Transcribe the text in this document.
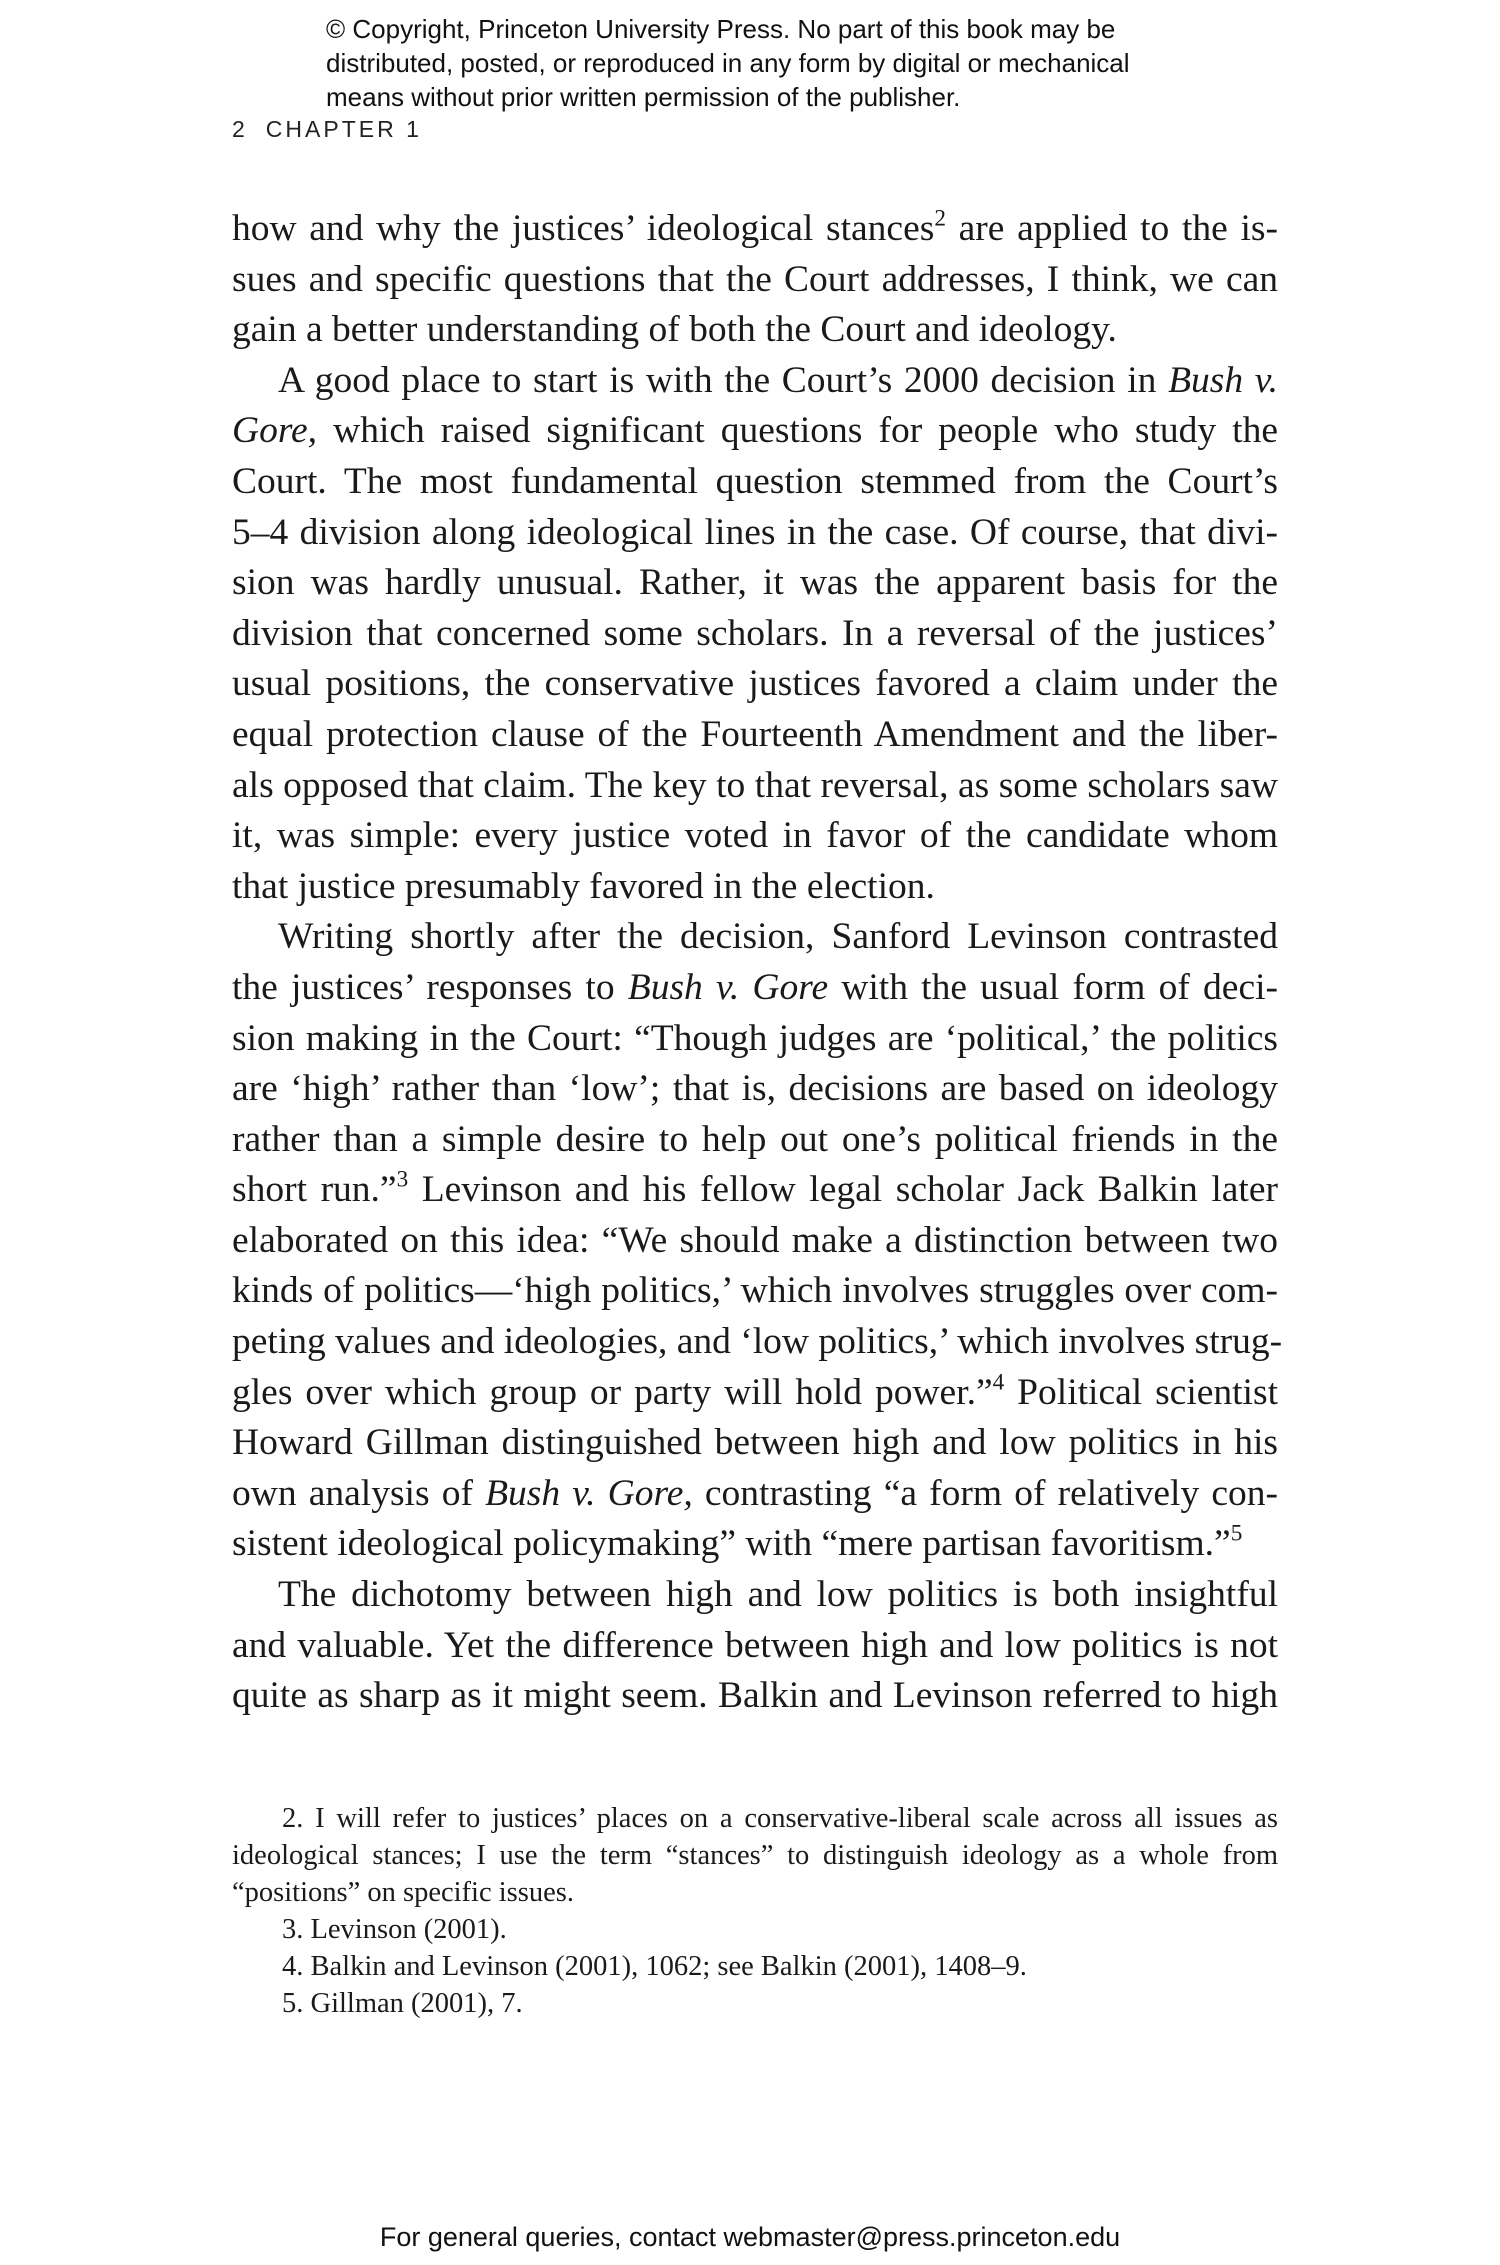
© Copyright, Princeton University Press. No part of this book may be
distributed, posted, or reproduced in any form by digital or mechanical
means without prior written permission of the publisher.
2 CHAPTER 1
how and why the justices’ ideological stances$^2$ are applied to the is-
sues and specific questions that the Court addresses, I think, we can
gain a better understanding of both the Court and ideology.
A good place to start is with the Court’s 2000 decision in Bush v.
Gore, which raised significant questions for people who study the
Court. The most fundamental question stemmed from the Court’s
5–4 division along ideological lines in the case. Of course, that divi-
sion was hardly unusual. Rather, it was the apparent basis for the
division that concerned some scholars. In a reversal of the justices’
usual positions, the conservative justices favored a claim under the
equal protection clause of the Fourteenth Amendment and the liber-
als opposed that claim. The key to that reversal, as some scholars saw
it, was simple: every justice voted in favor of the candidate whom
that justice presumably favored in the election.
Writing shortly after the decision, Sanford Levinson contrasted
the justices’ responses to Bush v. Gore with the usual form of deci-
sion making in the Court: “Though judges are ‘political,’ the politics
are ‘high’ rather than ‘low’; that is, decisions are based on ideology
rather than a simple desire to help out one’s political friends in the
short run.”$^3$ Levinson and his fellow legal scholar Jack Balkin later
elaborated on this idea: “We should make a distinction between two
kinds of politics—‘high politics,’ which involves struggles over com-
peting values and ideologies, and ‘low politics,’ which involves strug-
gles over which group or party will hold power.”$^4$ Political scientist
Howard Gillman distinguished between high and low politics in his
own analysis of Bush v. Gore, contrasting “a form of relatively con-
sistent ideological policymaking” with “mere partisan favoritism.”$^5$
The dichotomy between high and low politics is both insightful
and valuable. Yet the difference between high and low politics is not
quite as sharp as it might seem. Balkin and Levinson referred to high
2. I will refer to justices’ places on a conservative-liberal scale across all issues as
ideological stances; I use the term “stances” to distinguish ideology as a whole from
“positions” on specific issues.
3. Levinson (2001).
4. Balkin and Levinson (2001), 1062; see Balkin (2001), 1408–9.
5. Gillman (2001), 7.
For general queries, contact webmaster@press.princeton.edu
